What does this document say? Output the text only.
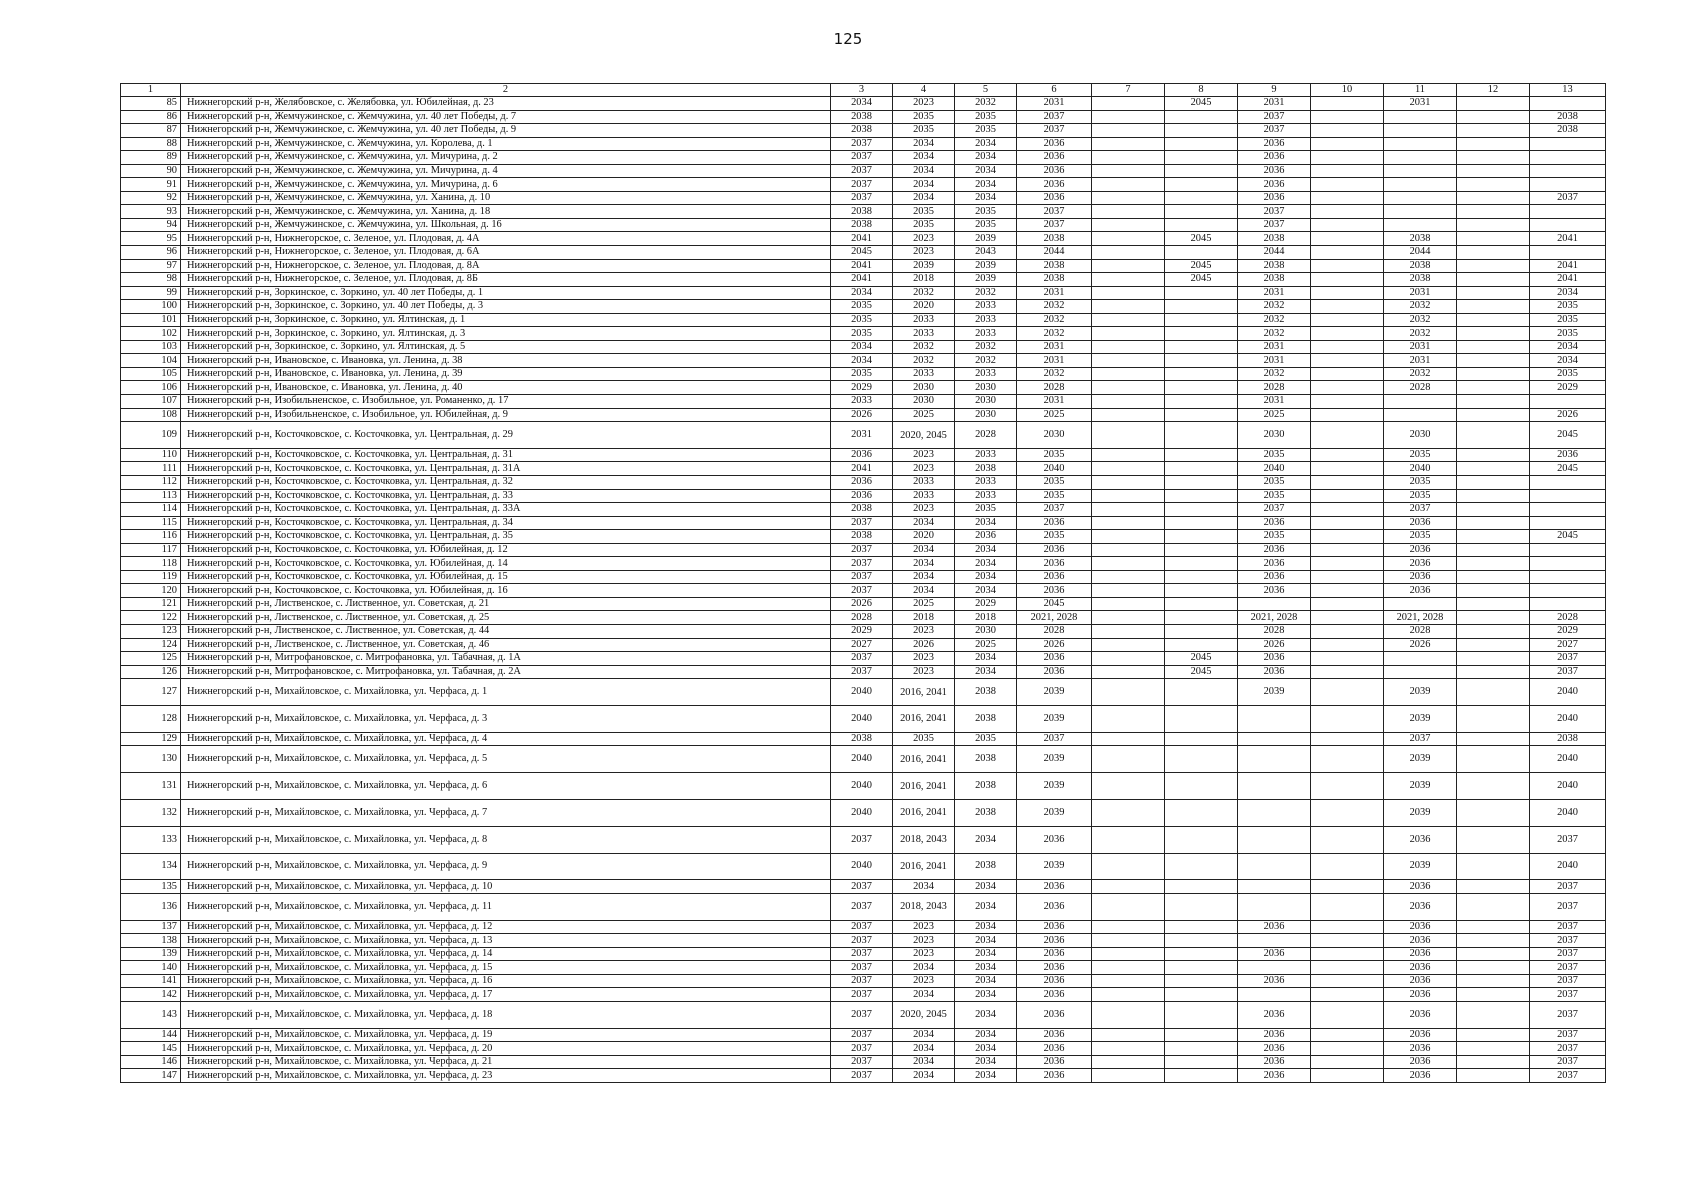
125
1	2	3	4	5	6	7	8	9	10	11	12	13
85	Нижнегорский р-н, Желябовское, с. Желябовка, ул. Юбилейная, д. 23	2034	2023	2032	2031		2045	2031		2031		
86	Нижнегорский р-н, Жемчужинское, с. Жемчужина, ул. 40 лет Победы, д. 7	2038	2035	2035	2037			2037				2038
87	Нижнегорский р-н, Жемчужинское, с. Жемчужина, ул. 40 лет Победы, д. 9	2038	2035	2035	2037			2037				2038
88	Нижнегорский р-н, Жемчужинское, с. Жемчужина, ул. Королева, д. 1	2037	2034	2034	2036			2036				
89	Нижнегорский р-н, Жемчужинское, с. Жемчужина, ул. Мичурина, д. 2	2037	2034	2034	2036			2036				
90	Нижнегорский р-н, Жемчужинское, с. Жемчужина, ул. Мичурина, д. 4	2037	2034	2034	2036			2036				
91	Нижнегорский р-н, Жемчужинское, с. Жемчужина, ул. Мичурина, д. 6	2037	2034	2034	2036			2036				
92	Нижнегорский р-н, Жемчужинское, с. Жемчужина, ул. Ханина, д. 10	2037	2034	2034	2036			2036				2037
93	Нижнегорский р-н, Жемчужинское, с. Жемчужина, ул. Ханина, д. 18	2038	2035	2035	2037			2037				
94	Нижнегорский р-н, Жемчужинское, с. Жемчужина, ул. Школьная, д. 16	2038	2035	2035	2037			2037				
95	Нижнегорский р-н, Нижнегорское, с. Зеленое, ул. Плодовая, д. 4А	2041	2023	2039	2038		2045	2038		2038		2041
96	Нижнегорский р-н, Нижнегорское, с. Зеленое, ул. Плодовая, д. 6А	2045	2023	2043	2044			2044		2044		
97	Нижнегорский р-н, Нижнегорское, с. Зеленое, ул. Плодовая, д. 8А	2041	2039	2039	2038		2045	2038		2038		2041
98	Нижнегорский р-н, Нижнегорское, с. Зеленое, ул. Плодовая, д. 8Б	2041	2018	2039	2038		2045	2038		2038		2041
99	Нижнегорский р-н, Зоркинское, с. Зоркино, ул. 40 лет Победы, д. 1	2034	2032	2032	2031			2031		2031		2034
100	Нижнегорский р-н, Зоркинское, с. Зоркино, ул. 40 лет Победы, д. 3	2035	2020	2033	2032			2032		2032		2035
101	Нижнегорский р-н, Зоркинское, с. Зоркино, ул. Ялтинская, д. 1	2035	2033	2033	2032			2032		2032		2035
102	Нижнегорский р-н, Зоркинское, с. Зоркино, ул. Ялтинская, д. 3	2035	2033	2033	2032			2032		2032		2035
103	Нижнегорский р-н, Зоркинское, с. Зоркино, ул. Ялтинская, д. 5	2034	2032	2032	2031			2031		2031		2034
104	Нижнегорский р-н, Ивановское, с. Ивановка, ул. Ленина, д. 38	2034	2032	2032	2031			2031		2031		2034
105	Нижнегорский р-н, Ивановское, с. Ивановка, ул. Ленина, д. 39	2035	2033	2033	2032			2032		2032		2035
106	Нижнегорский р-н, Ивановское, с. Ивановка, ул. Ленина, д. 40	2029	2030	2030	2028			2028		2028		2029
107	Нижнегорский р-н, Изобильненское, с. Изобильное, ул. Романенко, д. 17	2033	2030	2030	2031			2031				
108	Нижнегорский р-н, Изобильненское, с. Изобильное, ул. Юбилейная, д. 9	2026	2025	2030	2025			2025				2026
109	Нижнегорский р-н, Косточковское, с. Косточковка, ул. Центральная, д. 29	2031	2020, 2045	2028	2030			2030		2030		2045
110	Нижнегорский р-н, Косточковское, с. Косточковка, ул. Центральная, д. 31	2036	2023	2033	2035			2035		2035		2036
111	Нижнегорский р-н, Косточковское, с. Косточковка, ул. Центральная, д. 31А	2041	2023	2038	2040			2040		2040		2045
112	Нижнегорский р-н, Косточковское, с. Косточковка, ул. Центральная, д. 32	2036	2033	2033	2035			2035		2035		
113	Нижнегорский р-н, Косточковское, с. Косточковка, ул. Центральная, д. 33	2036	2033	2033	2035			2035		2035		
114	Нижнегорский р-н, Косточковское, с. Косточковка, ул. Центральная, д. 33А	2038	2023	2035	2037			2037		2037		
115	Нижнегорский р-н, Косточковское, с. Косточковка, ул. Центральная, д. 34	2037	2034	2034	2036			2036		2036		
116	Нижнегорский р-н, Косточковское, с. Косточковка, ул. Центральная, д. 35	2038	2020	2036	2035			2035		2035		2045
117	Нижнегорский р-н, Косточковское, с. Косточковка, ул. Юбилейная, д. 12	2037	2034	2034	2036			2036		2036		
118	Нижнегорский р-н, Косточковское, с. Косточковка, ул. Юбилейная, д. 14	2037	2034	2034	2036			2036		2036		
119	Нижнегорский р-н, Косточковское, с. Косточковка, ул. Юбилейная, д. 15	2037	2034	2034	2036			2036		2036		
120	Нижнегорский р-н, Косточковское, с. Косточковка, ул. Юбилейная, д. 16	2037	2034	2034	2036			2036		2036		
121	Нижнегорский р-н, Лиственское, с. Лиственное, ул. Советская, д. 21	2026	2025	2029	2045							
122	Нижнегорский р-н, Лиственское, с. Лиственное, ул. Советская, д. 25	2028	2018	2018	2021, 2028			2021, 2028		2021, 2028		2028
123	Нижнегорский р-н, Лиственское, с. Лиственное, ул. Советская, д. 44	2029	2023	2030	2028			2028		2028		2029
124	Нижнегорский р-н, Лиственское, с. Лиственное, ул. Советская, д. 46	2027	2026	2025	2026			2026		2026		2027
125	Нижнегорский р-н, Митрофановское, с. Митрофановка, ул. Табачная, д. 1А	2037	2023	2034	2036		2045	2036				2037
126	Нижнегорский р-н, Митрофановское, с. Митрофановка, ул. Табачная, д. 2А	2037	2023	2034	2036		2045	2036				2037
127	Нижнегорский р-н, Михайловское, с. Михайловка, ул. Черфаса, д. 1	2040	2016, 2041	2038	2039			2039		2039		2040
128	Нижнегорский р-н, Михайловское, с. Михайловка, ул. Черфаса, д. 3	2040	2016, 2041	2038	2039					2039		2040
129	Нижнегорский р-н, Михайловское, с. Михайловка, ул. Черфаса, д. 4	2038	2035	2035	2037					2037		2038
130	Нижнегорский р-н, Михайловское, с. Михайловка, ул. Черфаса, д. 5	2040	2016, 2041	2038	2039					2039		2040
131	Нижнегорский р-н, Михайловское, с. Михайловка, ул. Черфаса, д. 6	2040	2016, 2041	2038	2039					2039		2040
132	Нижнегорский р-н, Михайловское, с. Михайловка, ул. Черфаса, д. 7	2040	2016, 2041	2038	2039					2039		2040
133	Нижнегорский р-н, Михайловское, с. Михайловка, ул. Черфаса, д. 8	2037	2018, 2043	2034	2036					2036		2037
134	Нижнегорский р-н, Михайловское, с. Михайловка, ул. Черфаса, д. 9	2040	2016, 2041	2038	2039					2039		2040
135	Нижнегорский р-н, Михайловское, с. Михайловка, ул. Черфаса, д. 10	2037	2034	2034	2036					2036		2037
136	Нижнегорский р-н, Михайловское, с. Михайловка, ул. Черфаса, д. 11	2037	2018, 2043	2034	2036					2036		2037
137	Нижнегорский р-н, Михайловское, с. Михайловка, ул. Черфаса, д. 12	2037	2023	2034	2036			2036		2036		2037
138	Нижнегорский р-н, Михайловское, с. Михайловка, ул. Черфаса, д. 13	2037	2023	2034	2036					2036		2037
139	Нижнегорский р-н, Михайловское, с. Михайловка, ул. Черфаса, д. 14	2037	2023	2034	2036			2036		2036		2037
140	Нижнегорский р-н, Михайловское, с. Михайловка, ул. Черфаса, д. 15	2037	2034	2034	2036					2036		2037
141	Нижнегорский р-н, Михайловское, с. Михайловка, ул. Черфаса, д. 16	2037	2023	2034	2036			2036		2036		2037
142	Нижнегорский р-н, Михайловское, с. Михайловка, ул. Черфаса, д. 17	2037	2034	2034	2036					2036		2037
143	Нижнегорский р-н, Михайловское, с. Михайловка, ул. Черфаса, д. 18	2037	2020, 2045	2034	2036			2036		2036		2037
144	Нижнегорский р-н, Михайловское, с. Михайловка, ул. Черфаса, д. 19	2037	2034	2034	2036			2036		2036		2037
145	Нижнегорский р-н, Михайловское, с. Михайловка, ул. Черфаса, д. 20	2037	2034	2034	2036			2036		2036		2037
146	Нижнегорский р-н, Михайловское, с. Михайловка, ул. Черфаса, д. 21	2037	2034	2034	2036			2036		2036		2037
147	Нижнегорский р-н, Михайловское, с. Михайловка, ул. Черфаса, д. 23	2037	2034	2034	2036			2036		2036		2037
